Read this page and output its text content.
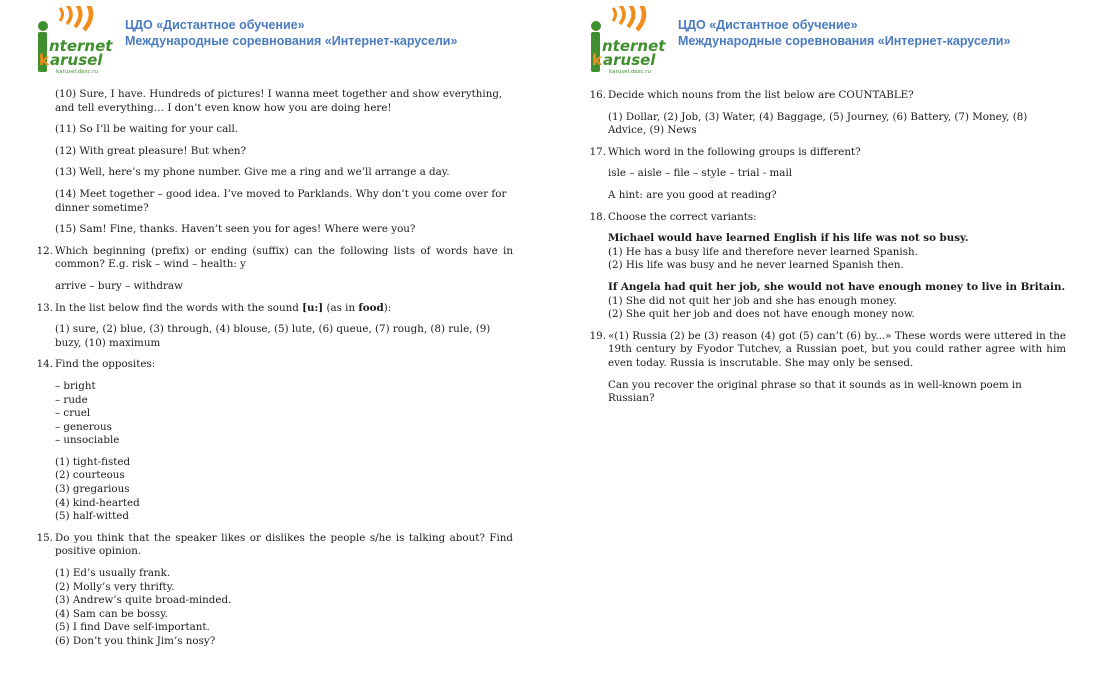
nternet
k arusel
karusel.desc.ru
ЦДО «Дистантное обучение»
Международные соревнования «Интернет-карусели»

(10) Sure, I have. Hundreds of pictures! I wanna meet together and show everything, and tell everything… I don’t even know how you are doing here!

(11) So I’ll be waiting for your call.

(12) With great pleasure! But when?

(13) Well, here’s my phone number. Give me a ring and we’ll arrange a day.

(14) Meet together – good idea. I’ve moved to Parklands. Why don’t you come over for dinner sometime?

(15) Sam! Fine, thanks. Haven’t seen you for ages! Where were you?

12. Which beginning (prefix) or ending (suffix) can the following lists of words have in common? E.g. risk – wind – health: y

arrive – bury – withdraw

13. In the list below find the words with the sound [u:] (as in food):

(1) sure, (2) blue, (3) through, (4) blouse, (5) lute, (6) queue, (7) rough, (8) rule, (9) buzy, (10) maximum

14. Find the opposites:
– bright
– rude
– cruel
– generous
– unsociable
(1) tight-fisted
(2) courteous
(3) gregarious
(4) kind-hearted
(5) half-witted
15. Do you think that the speaker likes or dislikes the people s/he is talking about? Find positive opinion.
(1) Ed’s usually frank.
(2) Molly’s very thrifty.
(3) Andrew’s quite broad-minded.
(4) Sam can be bossy.
(5) I find Dave self-important.
(6) Don’t you think Jim’s nosy?
nternet
k arusel
karusel.desc.ru
ЦДО «Дистантное обучение»
Международные соревнования «Интернет-карусели»
16. Decide which nouns from the list below are COUNTABLE?

(1) Dollar, (2) Job, (3) Water, (4) Baggage, (5) Journey, (6) Battery, (7) Money, (8) Advice, (9) News

17. Which word in the following groups is different?

isle – aisle – file – style – trial - mail

A hint: are you good at reading?

18. Choose the correct variants:
Michael would have learned English if his life was not so busy.
(1) He has a busy life and therefore never learned Spanish.
(2) His life was busy and he never learned Spanish then.
If Angela had quit her job, she would not have enough money to live in Britain.
(1) She did not quit her job and she has enough money.
(2) She quit her job and does not have enough money now.
19. «(1) Russia (2) be (3) reason (4) got (5) can’t (6) by...» These words were uttered in the 19th century by Fyodor Tutchev, a Russian poet, but you could rather agree with him even today. Russia is inscrutable. She may only be sensed.

Can you recover the original phrase so that it sounds as in well-known poem in Russian?
